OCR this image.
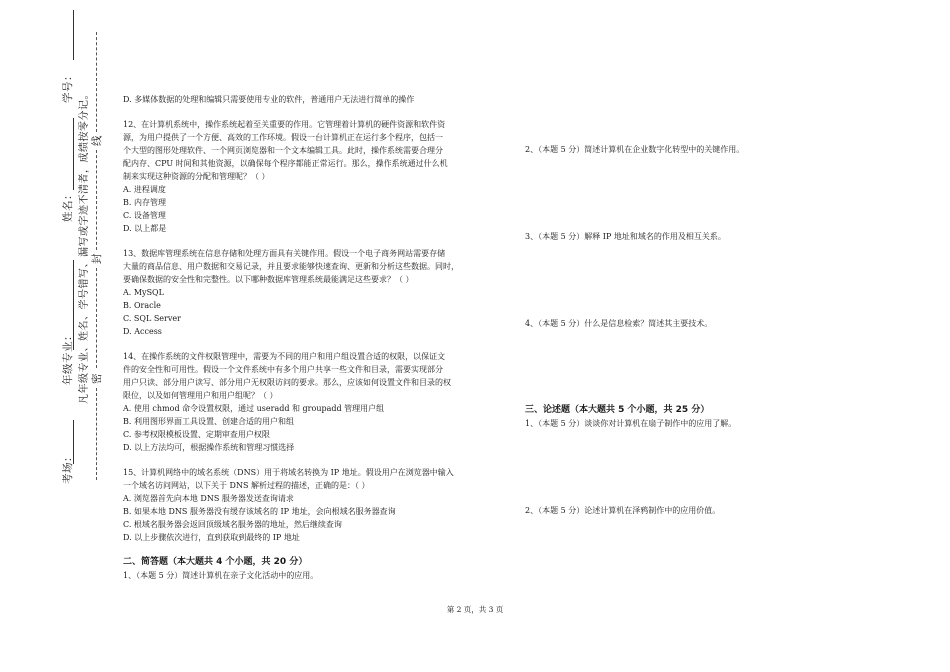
学号：
姓名：
年级专业：
考场：
凡年级专业、姓名、学号错写、漏写或字迹不清者，成绩按零分记。 线
封
密

D. 多媒体数据的处理和编辑只需要使用专业的软件，普通用户无法进行简单的操作

12、在计算机系统中，操作系统起着至关重要的作用。它管理着计算机的硬件资源和软件资

源，为用户提供了一个方便、高效的工作环境。假设一台计算机正在运行多个程序，包括一

个大型的图形处理软件、一个网页浏览器和一个文本编辑工具。此时，操作系统需要合理分

配内存、CPU 时间和其他资源，以确保每个程序都能正常运行。那么，操作系统通过什么机

制来实现这种资源的分配和管理呢？（ ）

A. 进程调度

B. 内存管理

C. 设备管理

D. 以上都是

13、数据库管理系统在信息存储和处理方面具有关键作用。假设一个电子商务网站需要存储

大量的商品信息、用户数据和交易记录，并且要求能够快速查询、更新和分析这些数据。同时，

要确保数据的安全性和完整性。以下哪种数据库管理系统最能满足这些要求？（ ）

A. MySQL

B. Oracle

C. SQL Server

D. Access

14、在操作系统的文件权限管理中，需要为不同的用户和用户组设置合适的权限，以保证文

件的安全性和可用性。假设一个文件系统中有多个用户共享一些文件和目录，需要实现部分

用户只读、部分用户读写、部分用户无权限访问的要求。那么，应该如何设置文件和目录的权

限位，以及如何管理用户和用户组呢？（ ）

A. 使用 chmod 命令设置权限，通过 useradd 和 groupadd 管理用户组

B. 利用图形界面工具设置、创建合适的用户和组

C. 参考权限模板设置、定期审查用户权限

D. 以上方法均可，根据操作系统和管理习惯选择

15、计算机网络中的域名系统（DNS）用于将域名转换为 IP 地址。假设用户在浏览器中输入

一个域名访问网站，以下关于 DNS 解析过程的描述，正确的是：（ ）

A. 浏览器首先向本地 DNS 服务器发送查询请求

B. 如果本地 DNS 服务器没有缓存该域名的 IP 地址，会向根域名服务器查询

C. 根域名服务器会返回顶级域名服务器的地址，然后继续查询

D. 以上步骤依次进行，直到获取到最终的 IP 地址

二、简答题（本大题共 4 个小题，共 20 分）

1、（本题 5 分）简述计算机在亲子文化活动中的应用。

2、（本题 5 分）简述计算机在企业数字化转型中的关键作用。

3、（本题 5 分）解释 IP 地址和域名的作用及相互关系。

4、（本题 5 分）什么是信息检索？简述其主要技术。

三、论述题（本大题共 5 个小题，共 25 分）

1、（本题 5 分）谈谈你对计算机在扇子制作中的应用了解。

2、（本题 5 分）论述计算机在泽鸦制作中的应用价值。

第 2 页，共 3 页
